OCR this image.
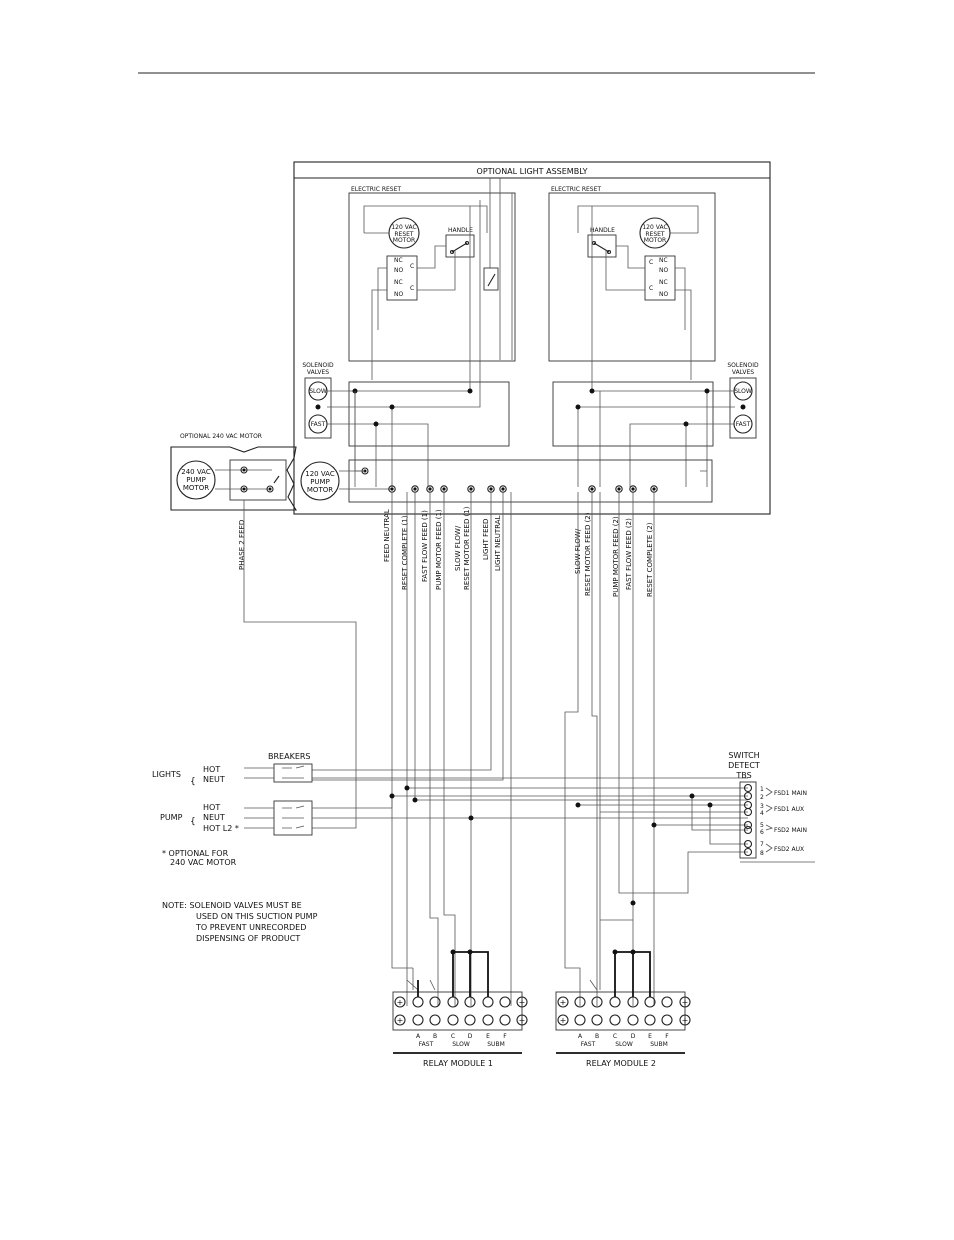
OPTIONAL LIGHT ASSEMBLY
ELECTRIC RESET
120 VAC
RESET
MOTOR
HANDLE
NC
C
NO
NC
C
NO
ELECTRIC RESET
120 VAC
RESET
MOTOR
HANDLE
C NC
NO
NC
C
NO
SOLENOID
VALVES
SLOW
FAST
SOLENOID
VALVES
SLOW
FAST
120 VAC
PUMP
MOTOR
OPTIONAL 240 VAC MOTOR
240 VAC
PUMP
MOTOR
PHASE 2 FEED	FEED NEUTRAL RESET COMPLETE (1) FAST FLOW FEED (1) PUMP MOTOR FEED (1) SLOW FLOW/ RESET MOTOR FEED (1) LIGHT FEED LIGHT NEUTRAL	SLOW FLOW/ RESET MOTOR FEED (2)	PUMP MOTOR FEED (2) FAST FLOW FEED (2) RESET COMPLETE (2)
BREAKERS
LIGHTS
{
HOT
NEUT
PUMP {
HOT
NEUT
HOT L2 *
* OPTIONAL FOR
240 VAC MOTOR
NOTE: SOLENOID VALVES MUST BE
USED ON THIS SUCTION PUMP
TO PREVENT UNRECORDED
DISPENSING OF PRODUCT
SWITCH
DETECT
TBS
1
2
3
4
5
6
7
8
FSD1 MAIN
FSD1 AUX
FSD2 MAIN
FSD2 AUX
+
+
+
+
A B C D E F
FAST	SLOW	SUBM
RELAY MODULE 1
+
+
+
+
A B C D E F
FAST	SLOW	SUBM
RELAY MODULE 2
